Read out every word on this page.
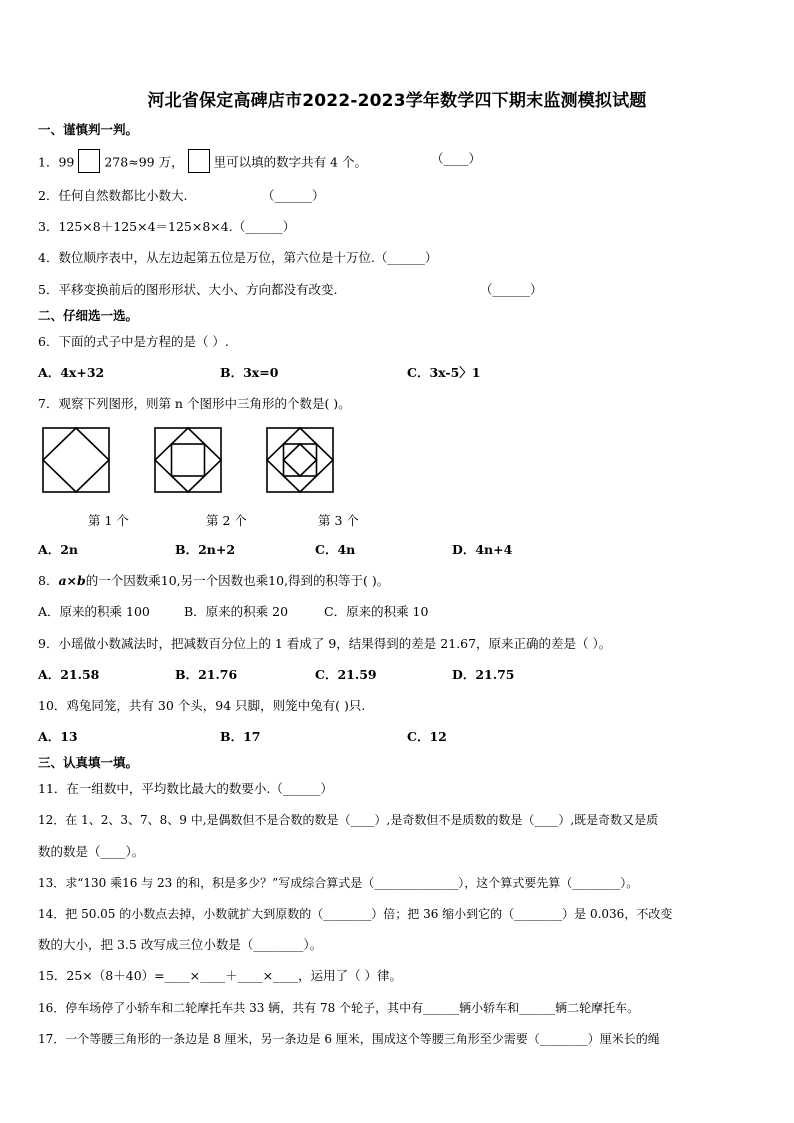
河北省保定高碑店市2022-2023学年数学四下期末监测模拟试题
一、谨慎判一判。
1．99 278≈99 万， 里可以填的数字共有 4 个。	（____）
2．任何自然数都比小数大.	（______）
3．125×8＋125×4＝125×8×4.（______）
4．数位顺序表中，从左边起第五位是万位，第六位是十万位.（______）
5．平移变换前后的图形形状、大小、方向都没有改变.	（______）
二、仔细选一选。
6．下面的式子中是方程的是（ ）.
A．4x+32	B．3x=0	C．3x-5〉1
7．观察下列图形，则第 n 个图形中三角形的个数是( )。
第 1 个	第 2 个	第 3 个
A．2n	B．2n+2	C．4n	D．4n+4
8．a×b的一个因数乘10,另一个因数也乘10,得到的积等于( )。
A．原来的积乘 100	B．原来的积乘 20	C．原来的积乘 10
9．小瑶做小数减法时，把减数百分位上的 1 看成了 9，结果得到的差是 21.67，原来正确的差是（ ）。
A．21.58	B．21.76	C．21.59	D．21.75
10．鸡兔同笼，共有 30 个头，94 只脚，则笼中兔有( )只.
A．13	B．17	C．12
三、认真填一填。
11．在一组数中，平均数比最大的数要小.（______）
12．在 1、2、3、7、8、9 中,是偶数但不是合数的数是（____）,是奇数但不是质数的数是（____）,既是奇数又是质
数的数是（____）。
13．求“130 乘16 与 23 的和，积是多少？”写成综合算式是（______________），这个算式要先算（________）。
14．把 50.05 的小数点去掉，小数就扩大到原数的（________）倍；把 36 缩小到它的（________）是 0.036，不改变
数的大小，把 3.5 改写成三位小数是（________）。
15．25×（8＋40）=____×____＋____×____，运用了（ ）律。
16．停车场停了小轿车和二轮摩托车共 33 辆，共有 78 个轮子，其中有______辆小轿车和______辆二轮摩托车。
17．一个等腰三角形的一条边是 8 厘米，另一条边是 6 厘米，围成这个等腰三角形至少需要（________）厘米长的绳
